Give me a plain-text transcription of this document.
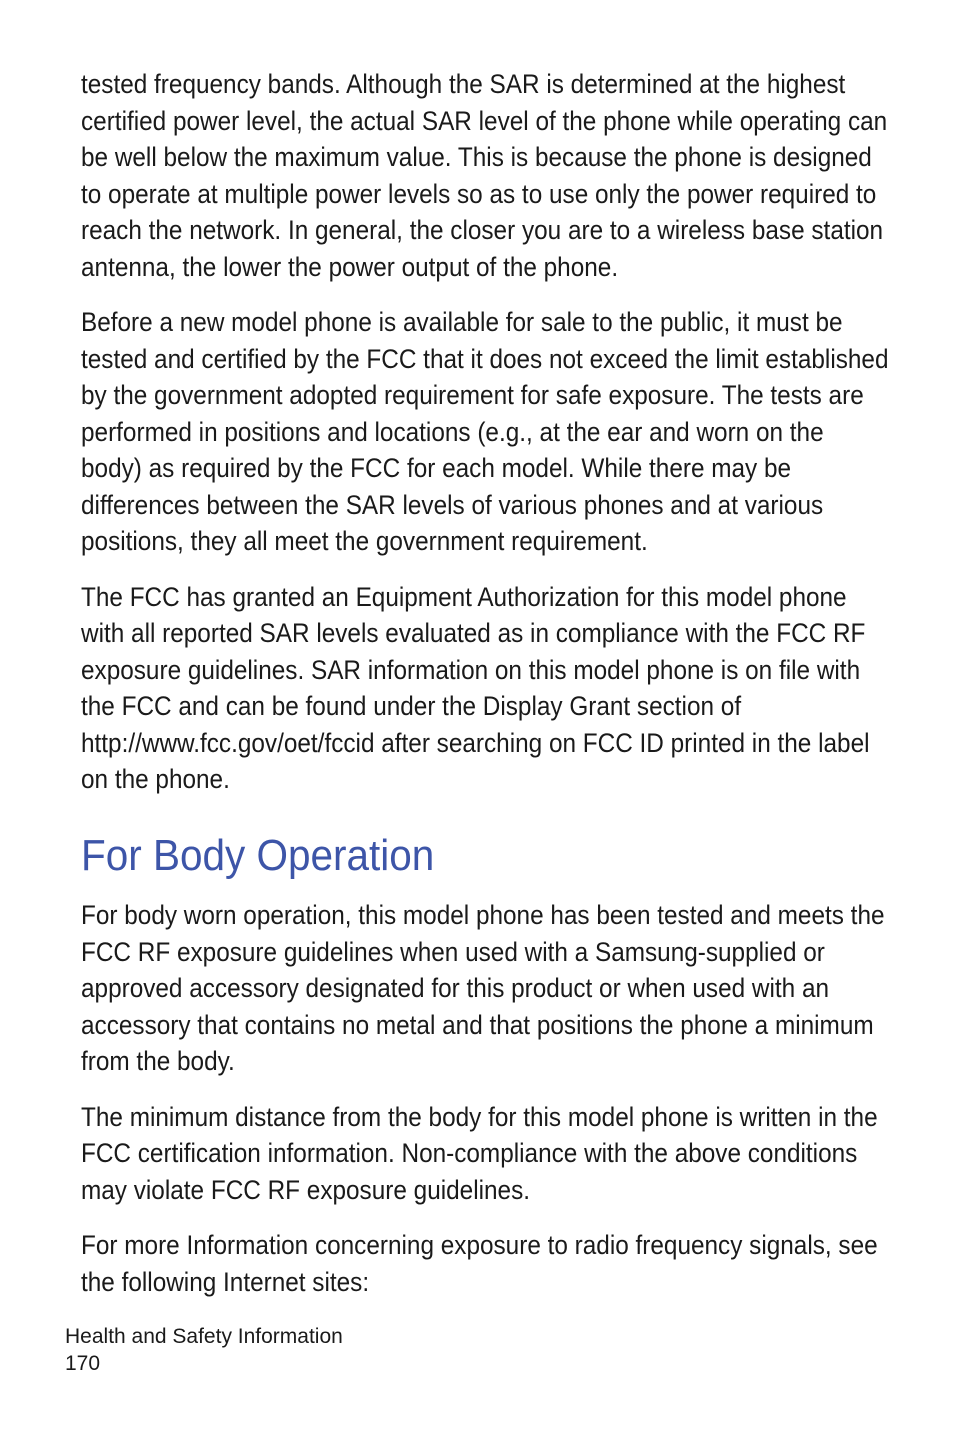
tested frequency bands. Although the SAR is determined at the highest certified power level, the actual SAR level of the phone while operating can be well below the maximum value. This is because the phone is designed to operate at multiple power levels so as to use only the power required to reach the network. In general, the closer you are to a wireless base station antenna, the lower the power output of the phone.

Before a new model phone is available for sale to the public, it must be tested and certified by the FCC that it does not exceed the limit established by the government adopted requirement for safe exposure. The tests are performed in positions and locations (e.g., at the ear and worn on the body) as required by the FCC for each model. While there may be differences between the SAR levels of various phones and at various positions, they all meet the government requirement.

The FCC has granted an Equipment Authorization for this model phone with all reported SAR levels evaluated as in compliance with the FCC RF exposure guidelines. SAR information on this model phone is on file with the FCC and can be found under the Display Grant section of http://www.fcc.gov/oet/fccid after searching on FCC ID printed in the label on the phone.

For Body Operation

For body worn operation, this model phone has been tested and meets the FCC RF exposure guidelines when used with a Samsung-supplied or approved accessory designated for this product or when used with an accessory that contains no metal and that positions the phone a minimum from the body.

The minimum distance from the body for this model phone is written in the FCC certification information. Non-compliance with the above conditions may violate FCC RF exposure guidelines.

For more Information concerning exposure to radio frequency signals, see the following Internet sites:

Health and Safety Information
170
